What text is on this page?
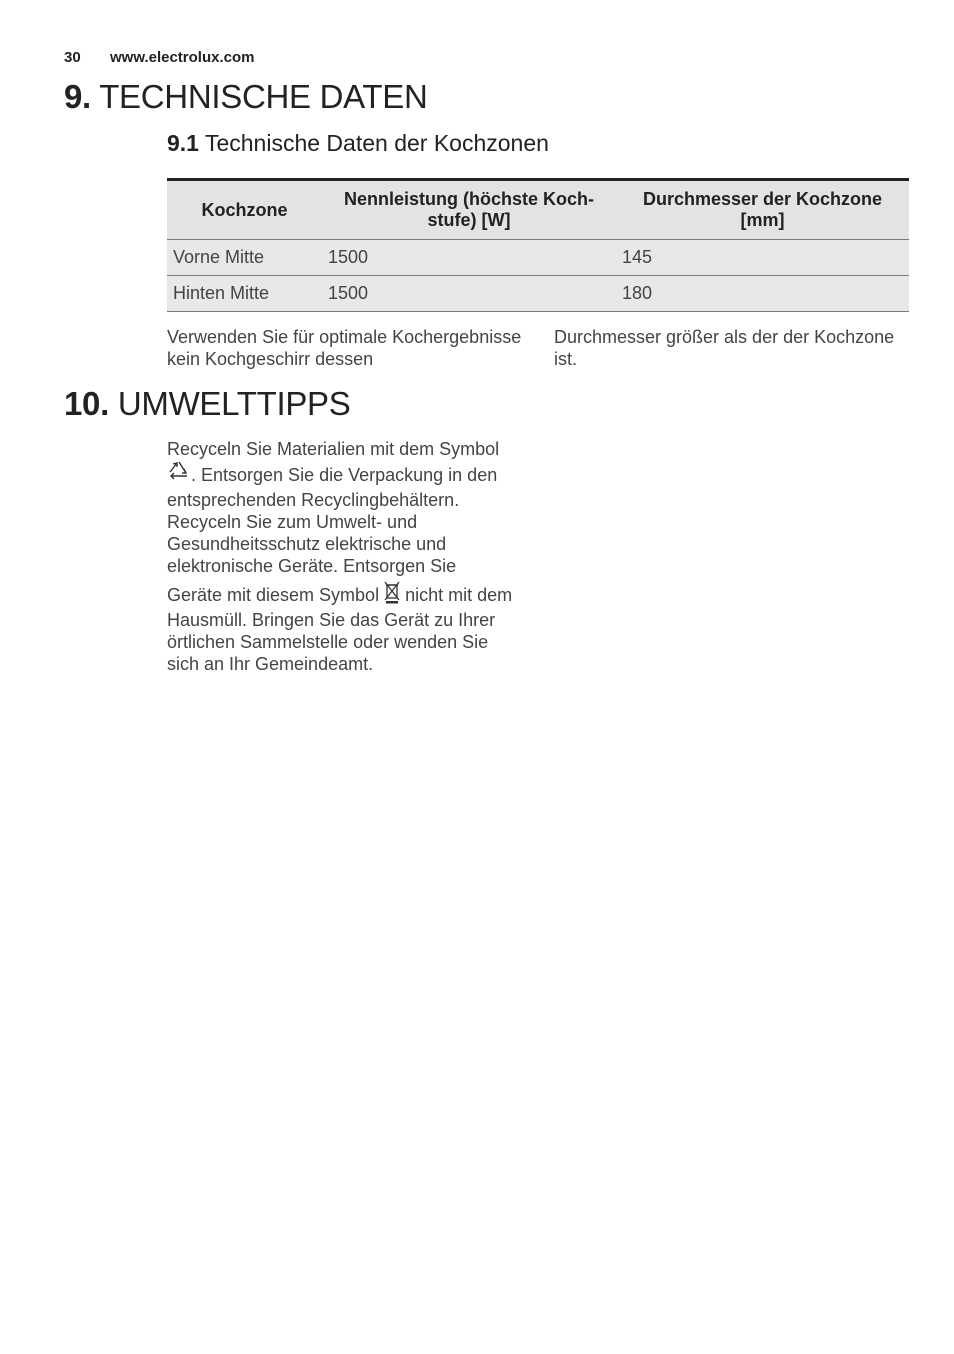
30 www.electrolux.com
9. TECHNISCHE DATEN
9.1 Technische Daten der Kochzonen
Kochzone	Nennleistung (höchste Koch-stufe) [W]	Durchmesser der Kochzone [mm]
Vorne Mitte	1500	145
Hinten Mitte	1500	180
Verwenden Sie für optimale Kochergebnisse kein Kochgeschirr dessen
Durchmesser größer als der der Kochzone ist.
10. UMWELTTIPPS
Recyceln Sie Materialien mit dem Symbol
. Entsorgen Sie die Verpackung in den entsprechenden Recyclingbehältern. Recyceln Sie zum Umwelt- und Gesundheitsschutz elektrische und elektronische Geräte. Entsorgen Sie
Geräte mit diesem Symbol nicht mit dem Hausmüll. Bringen Sie das Gerät zu Ihrer örtlichen Sammelstelle oder wenden Sie sich an Ihr Gemeindeamt.
